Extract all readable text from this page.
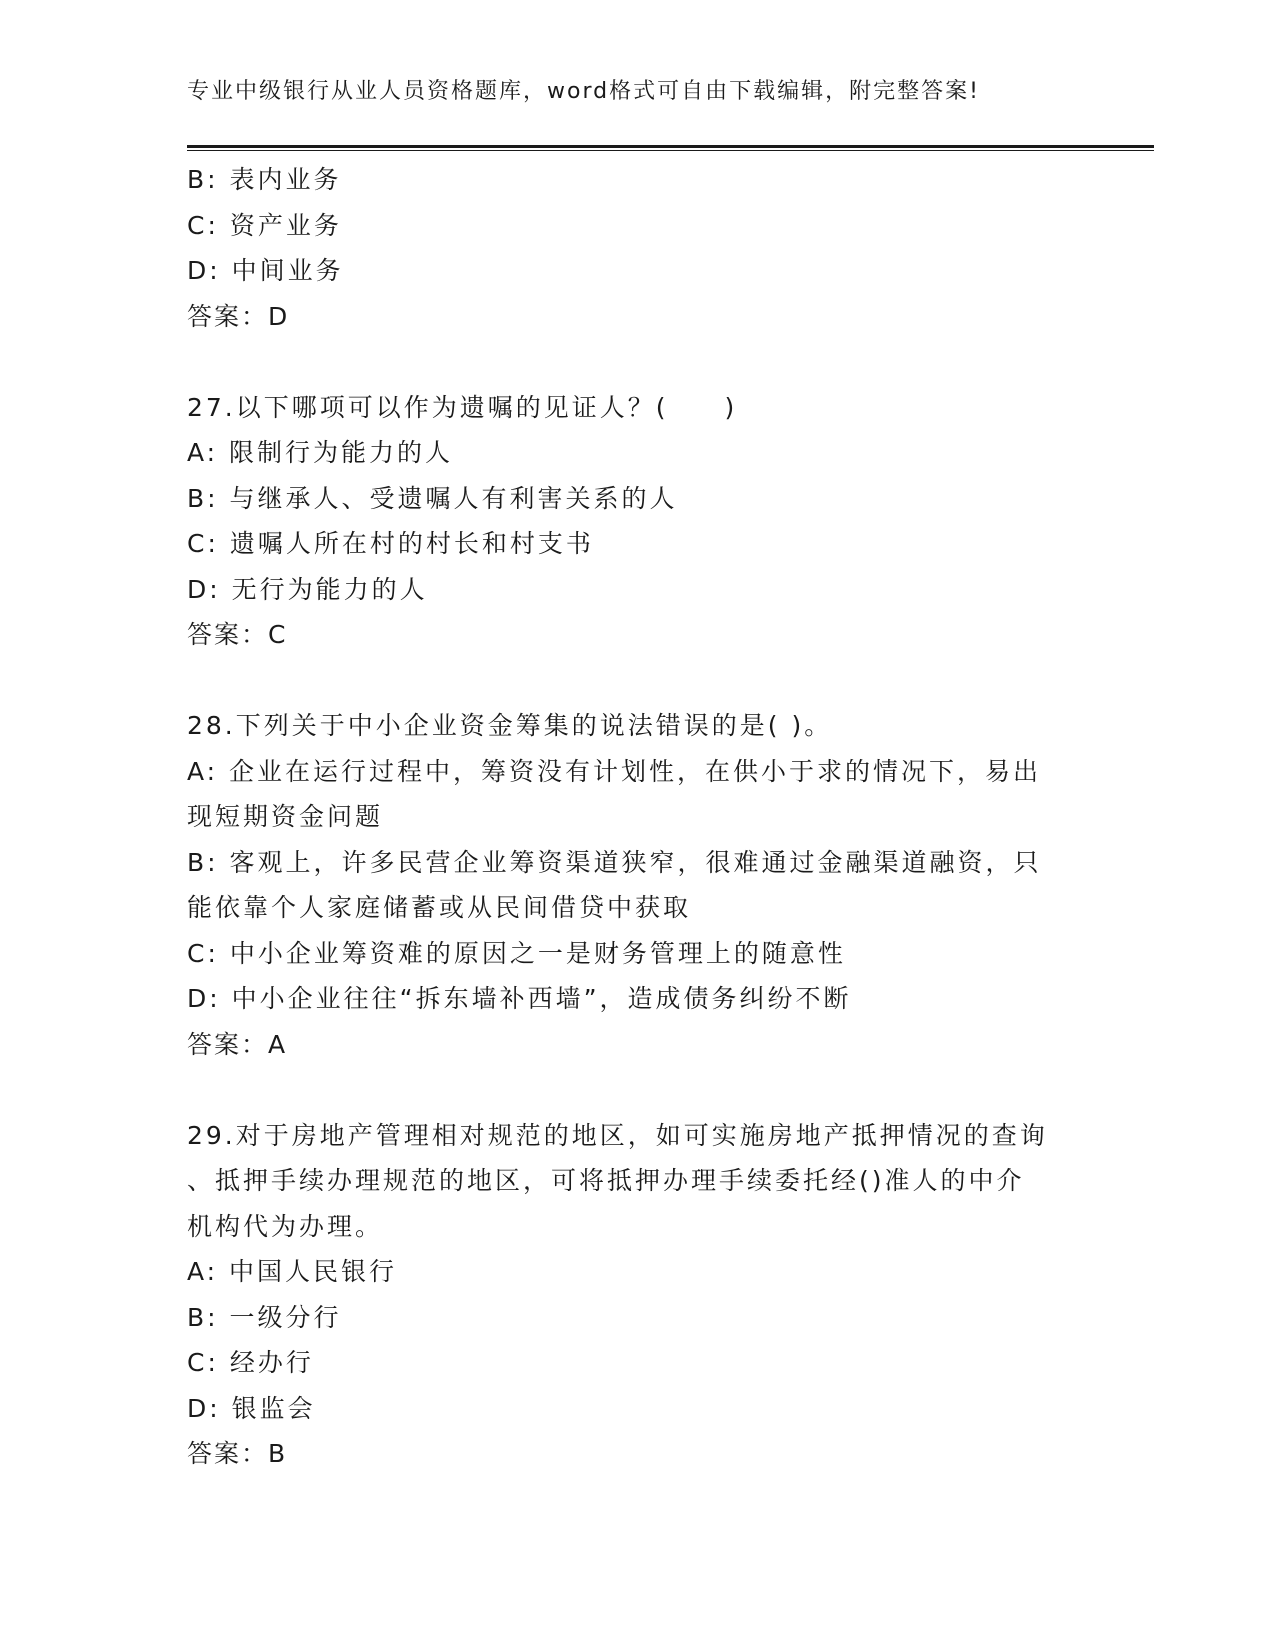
专业中级银行从业人员资格题库，word格式可自由下载编辑，附完整答案!
B: 表内业务
C: 资产业务
D: 中间业务
答案：D
27.以下哪项可以作为遗嘱的见证人？(　　)
A: 限制行为能力的人
B: 与继承人、受遗嘱人有利害关系的人
C: 遗嘱人所在村的村长和村支书
D: 无行为能力的人
答案：C
28.下列关于中小企业资金筹集的说法错误的是( )。
A: 企业在运行过程中，筹资没有计划性，在供小于求的情况下，易出
现短期资金问题
B: 客观上，许多民营企业筹资渠道狭窄，很难通过金融渠道融资，只
能依靠个人家庭储蓄或从民间借贷中获取
C: 中小企业筹资难的原因之一是财务管理上的随意性
D: 中小企业往往“拆东墙补西墙”，造成债务纠纷不断
答案：A
29.对于房地产管理相对规范的地区，如可实施房地产抵押情况的查询
、抵押手续办理规范的地区，可将抵押办理手续委托经()准人的中介
机构代为办理。
A: 中国人民银行
B: 一级分行
C: 经办行
D: 银监会
答案：B
